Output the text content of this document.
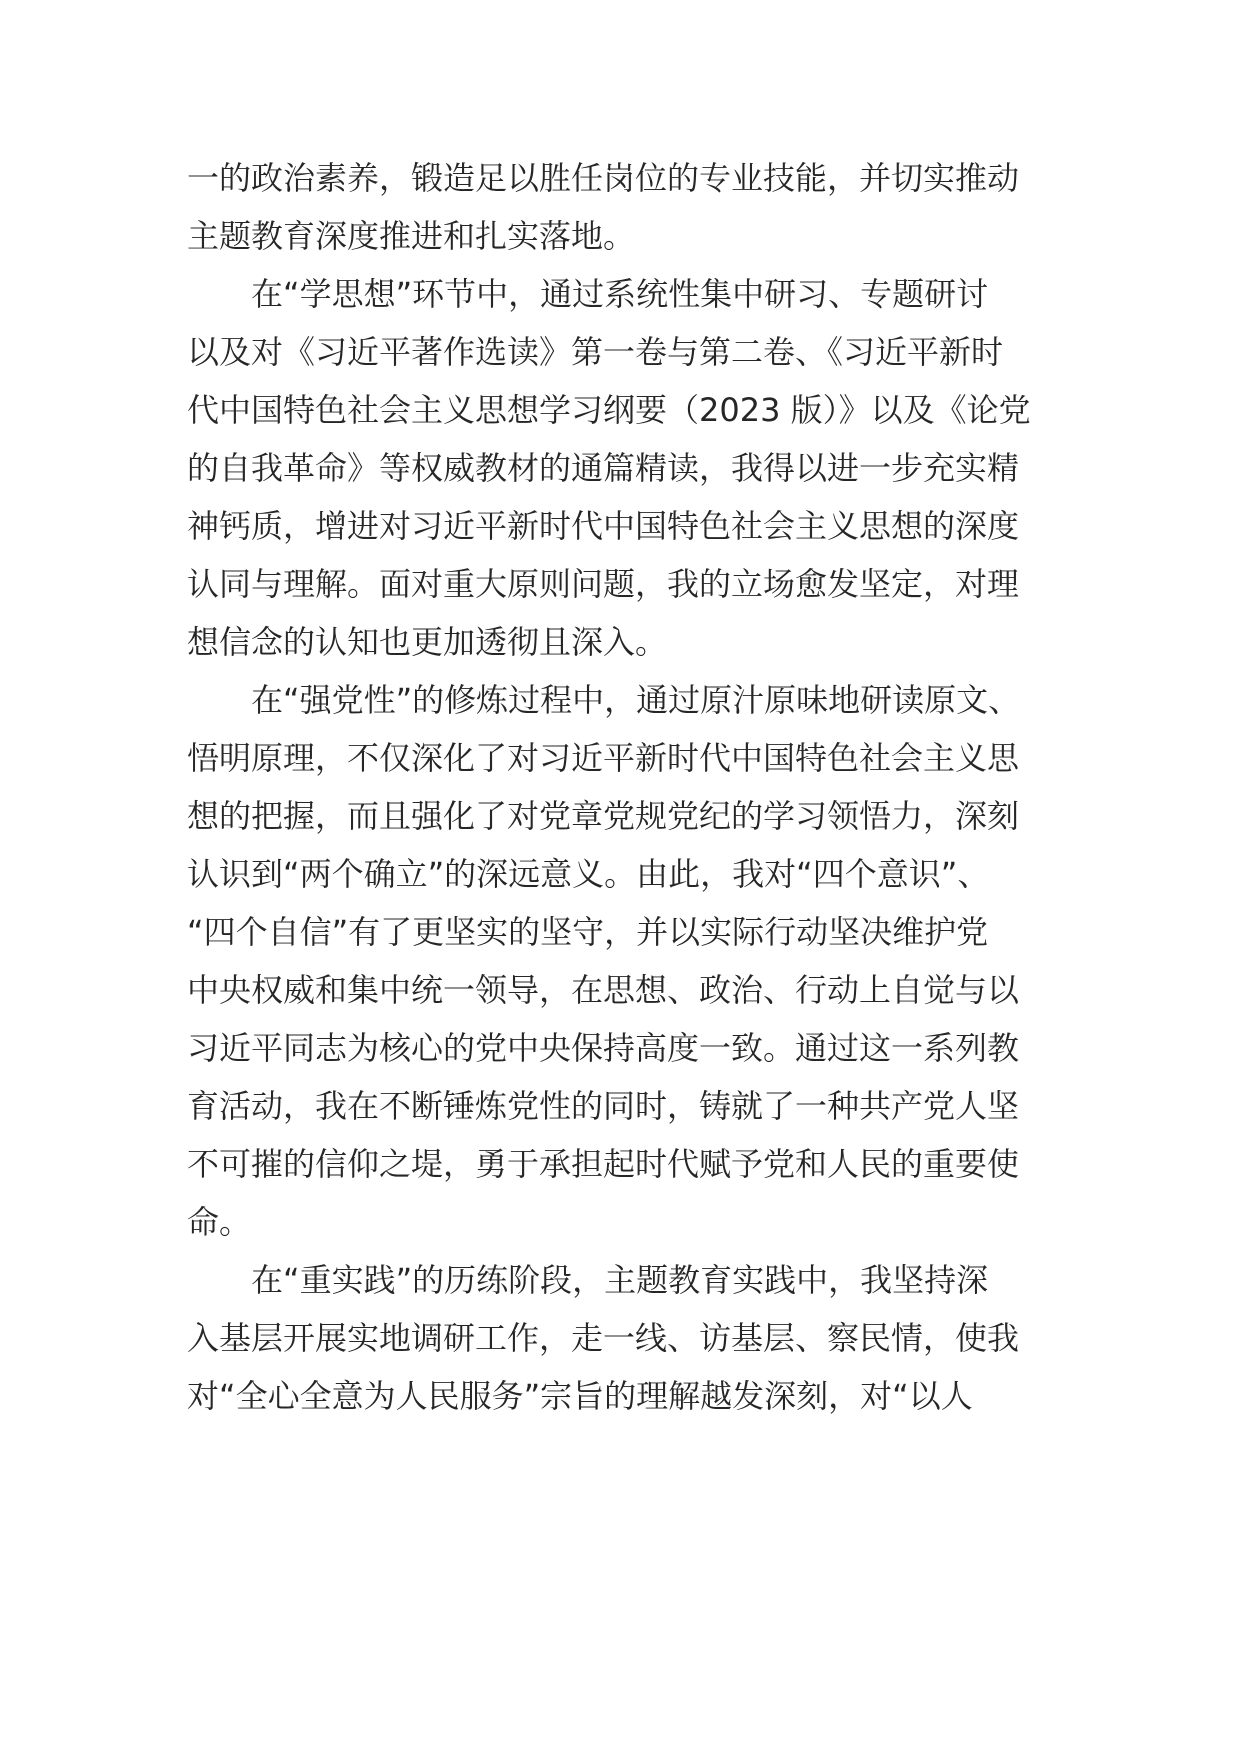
一的政治素养，锻造足以胜任岗位的专业技能，并切实推动
主题教育深度推进和扎实落地。
在“学思想”环节中，通过系统性集中研习、专题研讨
以及对《习近平著作选读》第一卷与第二卷、《习近平新时
代中国特色社会主义思想学习纲要（2023 版）》以及《论党
的自我革命》等权威教材的通篇精读，我得以进一步充实精
神钙质，增进对习近平新时代中国特色社会主义思想的深度
认同与理解。面对重大原则问题，我的立场愈发坚定，对理
想信念的认知也更加透彻且深入。
在“强党性”的修炼过程中，通过原汁原味地研读原文、
悟明原理，不仅深化了对习近平新时代中国特色社会主义思
想的把握，而且强化了对党章党规党纪的学习领悟力，深刻
认识到“两个确立”的深远意义。由此，我对“四个意识”、
“四个自信”有了更坚实的坚守，并以实际行动坚决维护党
中央权威和集中统一领导，在思想、政治、行动上自觉与以
习近平同志为核心的党中央保持高度一致。通过这一系列教
育活动，我在不断锤炼党性的同时，铸就了一种共产党人坚
不可摧的信仰之堤，勇于承担起时代赋予党和人民的重要使
命。
在“重实践”的历练阶段，主题教育实践中，我坚持深
入基层开展实地调研工作，走一线、访基层、察民情，使我
对“全心全意为人民服务”宗旨的理解越发深刻，对“以人
